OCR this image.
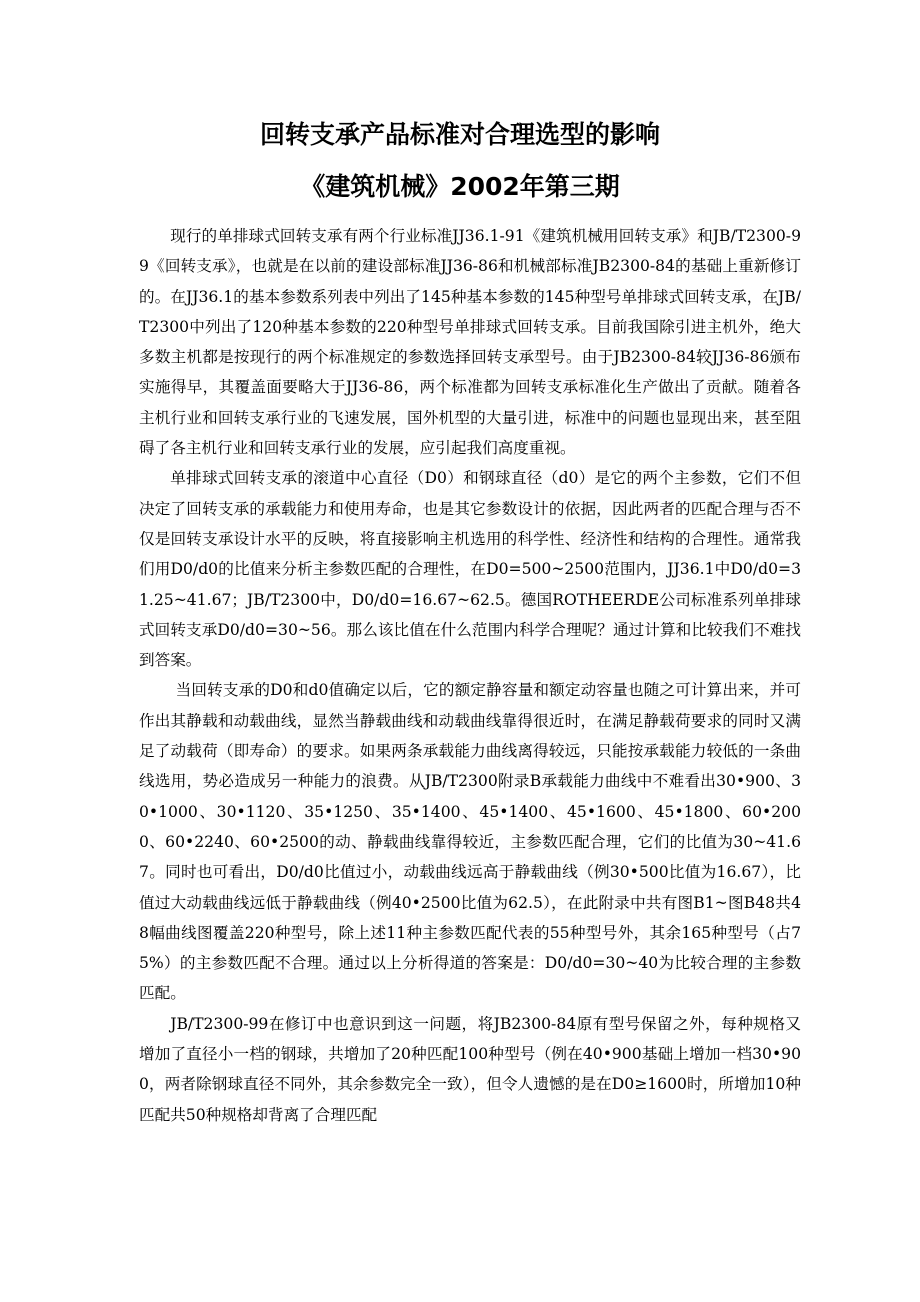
回转支承产品标准对合理选型的影响
《建筑机械》2002年第三期

现行的单排球式回转支承有两个行业标准JJ36.1-91《建筑机械用回转支承》和JB/T2300-99《回转支承》，也就是在以前的建设部标准JJ36-86和机械部标准JB2300-84的基础上重新修订的。在JJ36.1的基本参数系列表中列出了145种基本参数的145种型号单排球式回转支承，在JB/T2300中列出了120种基本参数的220种型号单排球式回转支承。目前我国除引进主机外，绝大多数主机都是按现行的两个标准规定的参数选择回转支承型号。由于JB2300-84较JJ36-86颁布实施得早，其覆盖面要略大于JJ36-86，两个标准都为回转支承标准化生产做出了贡献。随着各主机行业和回转支承行业的飞速发展，国外机型的大量引进，标准中的问题也显现出来，甚至阻碍了各主机行业和回转支承行业的发展，应引起我们高度重视。

单排球式回转支承的滚道中心直径（D0）和钢球直径（d0）是它的两个主参数，它们不但决定了回转支承的承载能力和使用寿命，也是其它参数设计的依据，因此两者的匹配合理与否不仅是回转支承设计水平的反映，将直接影响主机选用的科学性、经济性和结构的合理性。通常我们用D0/d0的比值来分析主参数匹配的合理性，在D0=500~2500范围内，JJ36.1中D0/d0=31.25~41.67；JB/T2300中，D0/d0=16.67~62.5。德国ROTHEERDE公司标准系列单排球式回转支承D0/d0=30~56。那么该比值在什么范围内科学合理呢？通过计算和比较我们不难找到答案。

当回转支承的D0和d0值确定以后，它的额定静容量和额定动容量也随之可计算出来，并可作出其静载和动载曲线，显然当静载曲线和动载曲线靠得很近时，在满足静载荷要求的同时又满足了动载荷（即寿命）的要求。如果两条承载能力曲线离得较远，只能按承载能力较低的一条曲线选用，势必造成另一种能力的浪费。从JB/T2300附录B承载能力曲线中不难看出30•900、30•1000、30•1120、35•1250、35•1400、45•1400、45•1600、45•1800、60•2000、60•2240、60•2500的动、静载曲线靠得较近，主参数匹配合理，它们的比值为30~41.67。同时也可看出，D0/d0比值过小，动载曲线远高于静载曲线（例30•500比值为16.67），比值过大动载曲线远低于静载曲线（例40•2500比值为62.5），在此附录中共有图B1~图B48共48幅曲线图覆盖220种型号，除上述11种主参数匹配代表的55种型号外，其余165种型号（占75%）的主参数匹配不合理。通过以上分析得道的答案是：D0/d0=30~40为比较合理的主参数匹配。

JB/T2300-99在修订中也意识到这一问题，将JB2300-84原有型号保留之外，每种规格又增加了直径小一档的钢球，共增加了20种匹配100种型号（例在40•900基础上增加一档30•900，两者除钢球直径不同外，其余参数完全一致），但令人遗憾的是在D0≥1600时，所增加10种匹配共50种规格却背离了合理匹配
